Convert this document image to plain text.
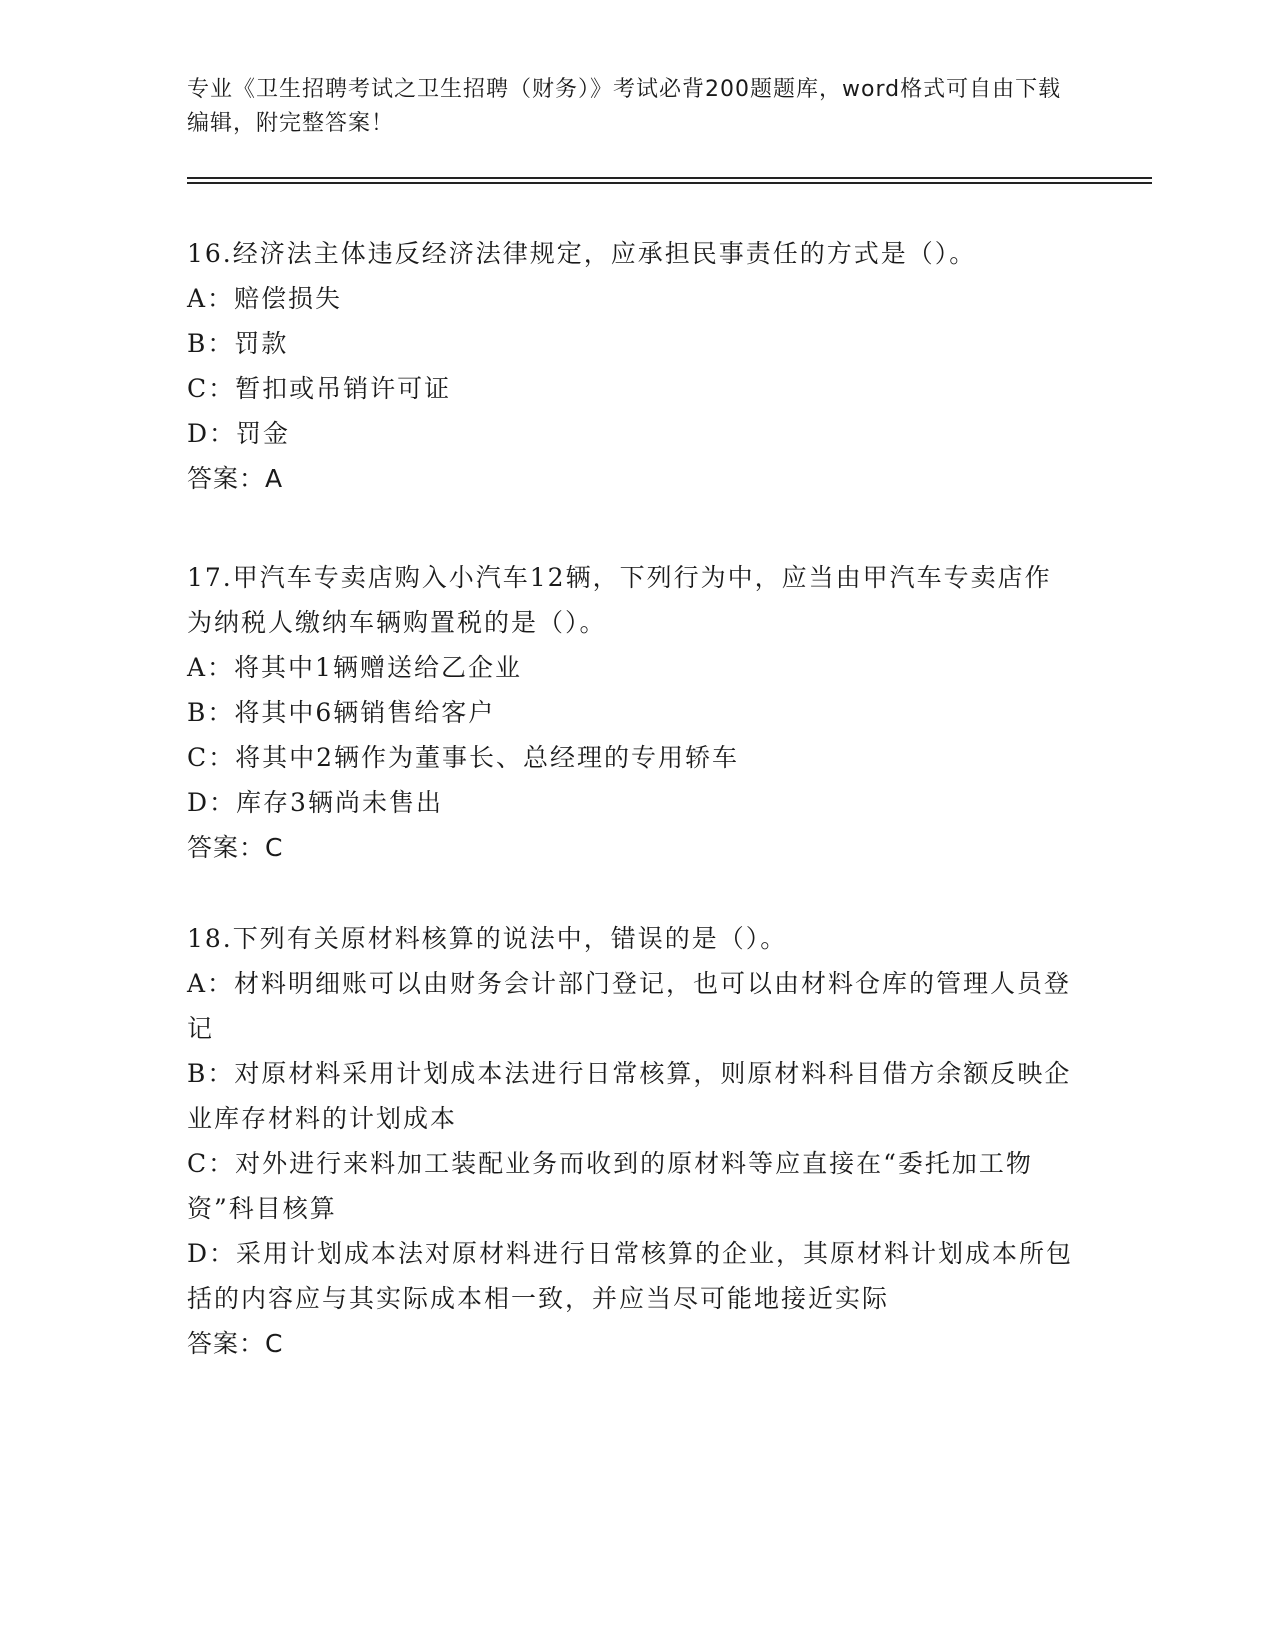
专业《卫生招聘考试之卫生招聘（财务）》考试必背200题题库，word格式可自由下载编辑，附完整答案！
16.经济法主体违反经济法律规定，应承担民事责任的方式是（）。
A：赔偿损失
B：罚款
C：暂扣或吊销许可证
D：罚金
答案：A
17.甲汽车专卖店购入小汽车12辆，下列行为中，应当由甲汽车专卖店作为纳税人缴纳车辆购置税的是（）。
A：将其中1辆赠送给乙企业
B：将其中6辆销售给客户
C：将其中2辆作为董事长、总经理的专用轿车
D：库存3辆尚未售出
答案：C
18.下列有关原材料核算的说法中，错误的是（）。
A：材料明细账可以由财务会计部门登记，也可以由材料仓库的管理人员登记
B：对原材料采用计划成本法进行日常核算，则原材料科目借方余额反映企业库存材料的计划成本
C：对外进行来料加工装配业务而收到的原材料等应直接在“委托加工物资”科目核算
D：采用计划成本法对原材料进行日常核算的企业，其原材料计划成本所包括的内容应与其实际成本相一致，并应当尽可能地接近实际
答案：C
